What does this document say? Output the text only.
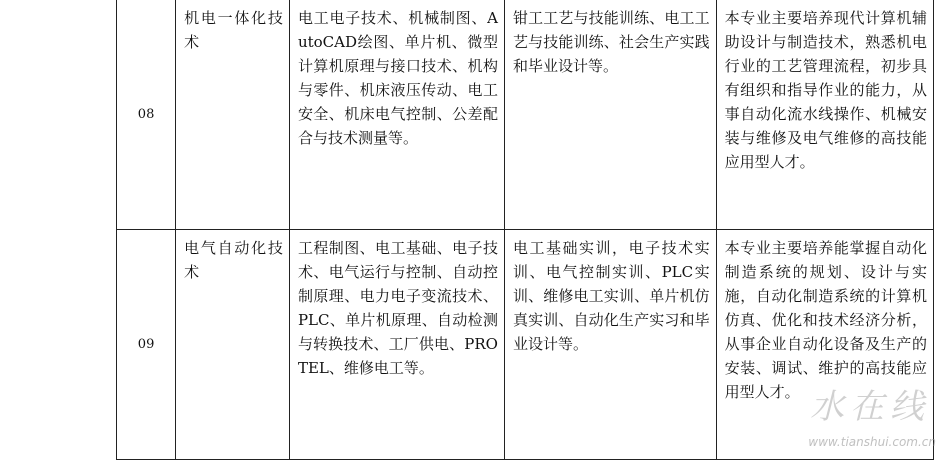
08	机电一体化技术	电工电子技术、机械制图、AutoCAD绘图、单片机、微型计算机原理与接口技术、机构与零件、机床液压传动、电工安全、机床电气控制、公差配合与技术测量等。	钳工工艺与技能训练、电工工艺与技能训练、社会生产实践和毕业设计等。	本专业主要培养现代计算机辅助设计与制造技术，熟悉机电行业的工艺管理流程，初步具有组织和指导作业的能力，从事自动化流水线操作、机械安装与维修及电气维修的高技能应用型人才。
09	电气自动化技术	工程制图、电工基础、电子技术、电气运行与控制、自动控制原理、电力电子变流技术、PLC、单片机原理、自动检测与转换技术、工厂供电、PROTEL、维修电工等。	电工基础实训，电子技术实训、电气控制实训、PLC实训、维修电工实训、单片机仿真实训、自动化生产实习和毕业设计等。	本专业主要培养能掌握自动化制造系统的规划、设计与实施，自动化制造系统的计算机仿真、优化和技术经济分析，从事企业自动化设备及生产的安装、调试、维护的高技能应用型人才。 水在线
www.tianshui.com.cn
